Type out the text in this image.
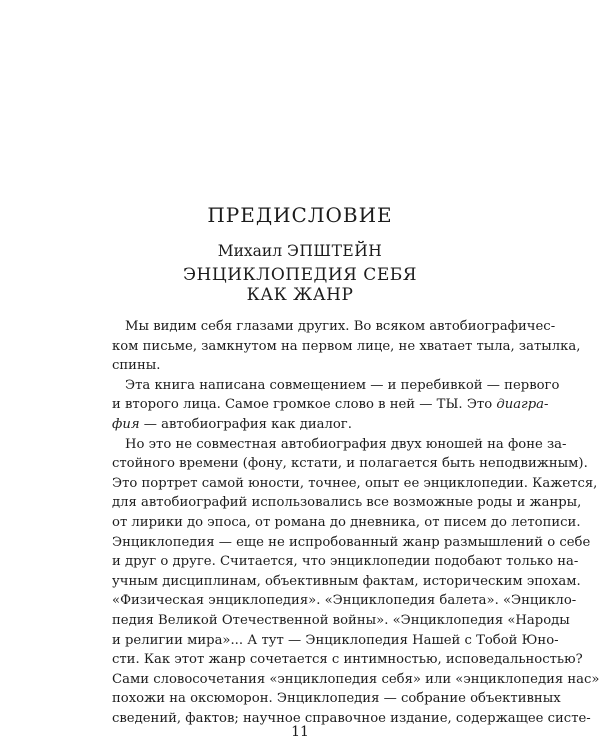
ПРЕДИСЛОВИЕ
Михаил ЭПШТЕЙН
ЭНЦИКЛОПЕДИЯ СЕБЯ
КАК ЖАНР
Мы видим себя глазами других. Во всяком автобиографичес-
ком письме, замкнутом на первом лице, не хватает тыла, затылка,
спины.
Эта книга написана совмещением — и перебивкой — первого
и второго лица. Самое громкое слово в ней — ТЫ. Это диагра-
фия — автобиография как диалог.
Но это не совместная автобиография двух юношей на фоне за-
стойного времени (фону, кстати, и полагается быть неподвижным).
Это портрет самой юности, точнее, опыт ее энциклопедии. Кажется,
для автобиографий использовались все возможные роды и жанры,
от лирики до эпоса, от романа до дневника, от писем до летописи.
Энциклопедия — еще не испробованный жанр размышлений о себе
и друг о друге. Считается, что энциклопедии подобают только на-
учным дисциплинам, объективным фактам, историческим эпохам.
«Физическая энциклопедия». «Энциклопедия балета». «Энцикло-
педия Великой Отечественной войны». «Энциклопедия «Народы
и религии мира»... А тут — Энциклопедия Нашей с Тобой Юно-
сти. Как этот жанр сочетается с интимностью, исповедальностью?
Сами словосочетания «энциклопедия себя» или «энциклопедия нас»
похожи на оксюморон. Энциклопедия — собрание объективных
сведений, фактов; научное справочное издание, содержащее систе-
11
